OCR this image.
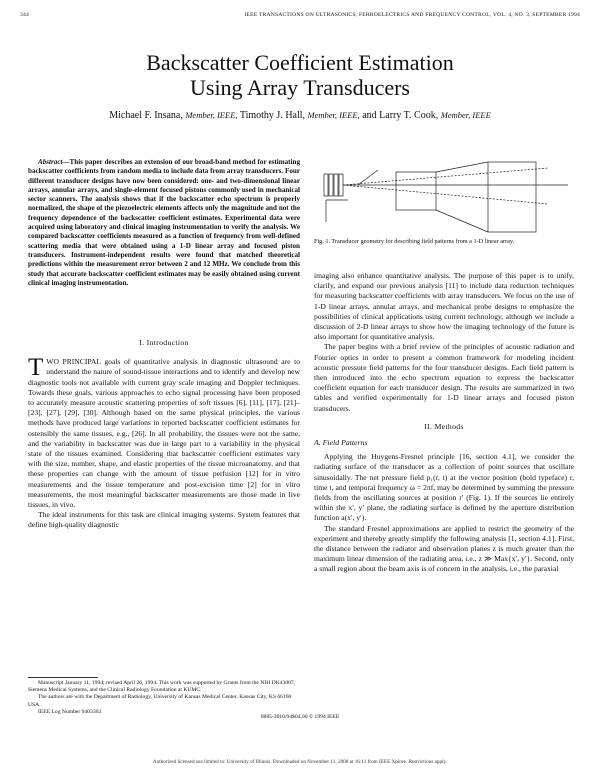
344	IEEE TRANSACTIONS ON ULTRASONICS, FERROELECTRICS AND FREQUENCY CONTROL, VOL. 4, NO. 3, SEPTEMBER 1994
Backscatter Coefficient Estimation
Using Array Transducers
Michael F. Insana, Member, IEEE, Timothy J. Hall, Member, IEEE, and Larry T. Cook, Member, IEEE

Abstract—This paper describes an extension of our broad-band method for estimating backscatter coefficients from random media to include data from array transducers. Four different transducer designs have now been considered: one- and two-dimensional linear arrays, annular arrays, and single-element focused pistons commonly used in mechanical sector scanners. The analysis shows that if the backscatter echo spectrum is properly normalized, the shape of the piezoelectric elements affects only the magnitude and not the frequency dependence of the backscatter coefficient estimates. Experimental data were acquired using laboratory and clinical imaging instrumentation to verify the analysis. We compared backscatter coefficients measured as a function of frequency from well-defined scattering media that were obtained using a 1-D linear array and focused piston transducers. Instrument-independent results were found that matched theoretical predictions within the measurement error between 2 and 12 MHz. We conclude from this study that accurate backscatter coefficient estimates may be easily obtained using current clinical imaging instrumentation.

I. Introduction

TWO PRINCIPAL goals of quantitative analysis in diagnostic ultrasound are to understand the nature of sound-tissue interactions and to identify and develop new diagnostic tools not available with current gray scale imaging and Doppler techniques. Towards these goals, various approaches to echo signal processing have been proposed to accurately measure acoustic scattering properties of soft tissues [6], [11], [17], [21]–[23], [27], [29], [30]. Although based on the same physical principles, the various methods have produced large variations in reported backscatter coefficient estimates for ostensibly the same tissues, e.g., [26]. In all probability, the tissues were not the same, and the variability in backscatter was due in large part to a variability in the physical state of the tissues examined. Considering that backscatter coefficient estimates vary with the size, number, shape, and elastic properties of the tissue microanatomy, and that these properties can change with the amount of tissue perfusion [12] for in vitro measurements and the tissue temperature and post-excision time [2] for in vitro measurements, the most meaningful backscatter measurements are those made in live tissues, in vivo.

The ideal instruments for this task are clinical imaging systems. System features that define high-quality diagnostic

Manuscript January 11, 1994; revised April 26, 1994. This work was supported by Grants from the NIH DK43007, Siemens Medical Systems, and the Clinical Radiology Foundation at KUMC.

The authors are with the Department of Radiology, University of Kansas Medical Center, Kansas City, KS 66160 USA.

IEEE Log Number 9403362.

Fig. 1. Transducer geometry for describing field patterns from a 1-D linear array.

imaging also enhance quantitative analysis. The purpose of this paper is to unify, clarify, and expand our previous analysis [11] to include data reduction techniques for measuring backscatter coefficients with array transducers. We focus on the use of 1-D linear arrays, annular arrays, and mechanical probe designs to emphasize the possibilities of clinical applications using current technology, although we include a discussion of 2-D linear arrays to show how the imaging technology of the future is also important for quantitative analysis.

The paper begins with a brief review of the principles of acoustic radiation and Fourier optics in order to present a common framework for modeling incident acoustic pressure field patterns for the four transducer designs. Each field pattern is then introduced into the echo spectrum equation to express the backscatter coefficient equation for each transducer design. The results are summarized in two tables and verified experimentally for 1-D linear arrays and focused piston transducers.

II. Methods
A. Field Patterns

Applying the Huygens-Fresnel principle [16, section 4.1], we consider the radiating surface of the transducer as a collection of point sources that oscillate sinusoidally. The net pressure field p₁(r, t) at the vector position (bold typeface) r, time t, and temporal frequency ω = 2πf, may be determined by summing the pressure fields from the oscillating sources at position r′ (Fig. 1). If the sources lie entirely within the x′, y′ plane, the radiating surface is defined by the aperture distribution function a(x′, y′).

The standard Fresnel approximations are applied to restrict the geometry of the experiment and thereby greatly simplify the following analysis [1, section 4.1]. First, the distance between the radiator and observation planes z is much greater than the maximum linear dimension of the radiating area, i.e., z ≫ Max{x′, y′}. Second, only a small region about the beam axis is of concern in the analysis, i.e., the paraxial

0885-3010/94$04.00 © 1994 IEEE
Authorized licensed use limited to: University of Illinois. Downloaded on November 11, 2008 at 16:11 from IEEE Xplore. Restrictions apply.
